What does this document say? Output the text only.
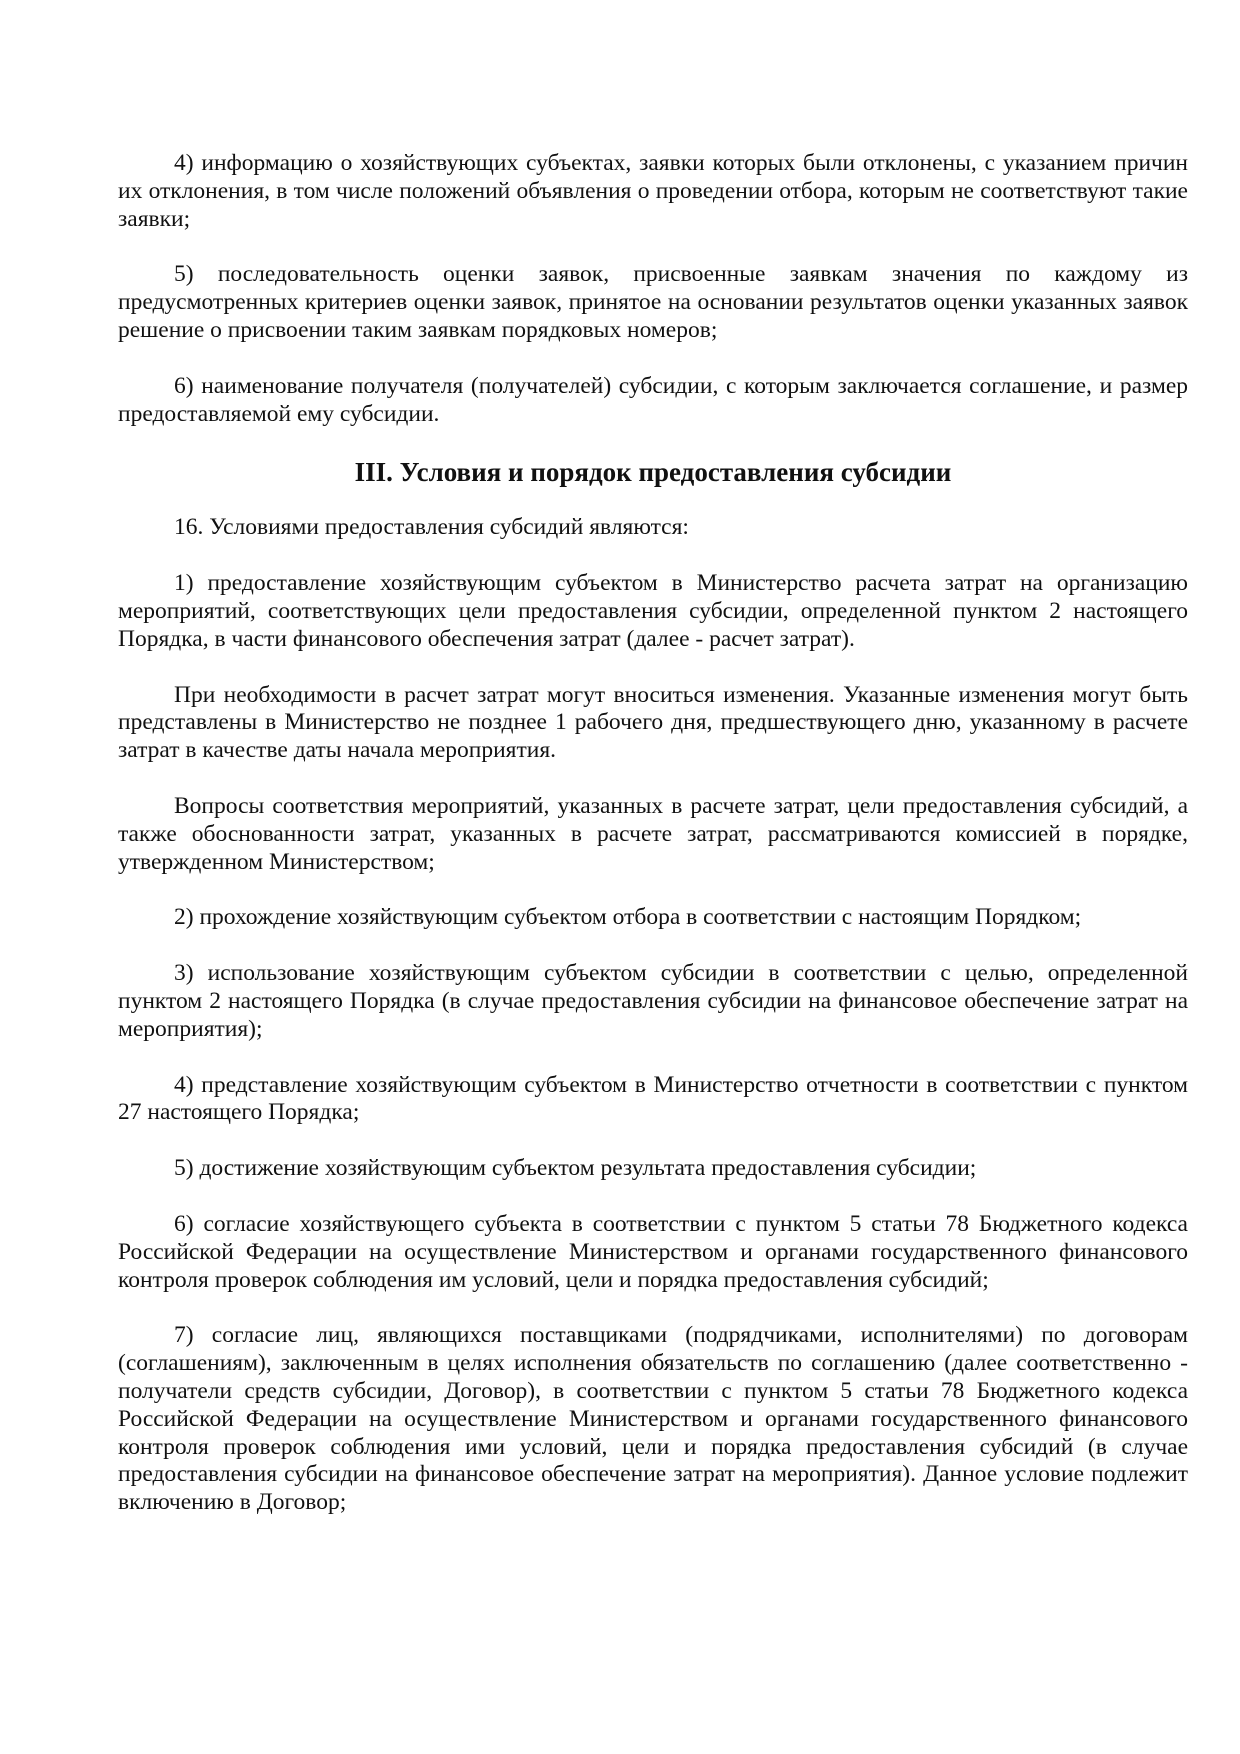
4) информацию о хозяйствующих субъектах, заявки которых были отклонены, с указанием причин их отклонения, в том числе положений объявления о проведении отбора, которым не соответствуют такие заявки;

5) последовательность оценки заявок, присвоенные заявкам значения по каждому из предусмотренных критериев оценки заявок, принятое на основании результатов оценки указанных заявок решение о присвоении таким заявкам порядковых номеров;

6) наименование получателя (получателей) субсидии, с которым заключается соглашение, и размер предоставляемой ему субсидии.

III. Условия и порядок предоставления субсидии

16. Условиями предоставления субсидий являются:

1) предоставление хозяйствующим субъектом в Министерство расчета затрат на организацию мероприятий, соответствующих цели предоставления субсидии, определенной пунктом 2 настоящего Порядка, в части финансового обеспечения затрат (далее - расчет затрат).

При необходимости в расчет затрат могут вноситься изменения. Указанные изменения могут быть представлены в Министерство не позднее 1 рабочего дня, предшествующего дню, указанному в расчете затрат в качестве даты начала мероприятия.

Вопросы соответствия мероприятий, указанных в расчете затрат, цели предоставления субсидий, а также обоснованности затрат, указанных в расчете затрат, рассматриваются комиссией в порядке, утвержденном Министерством;

2) прохождение хозяйствующим субъектом отбора в соответствии с настоящим Порядком;

3) использование хозяйствующим субъектом субсидии в соответствии с целью, определенной пунктом 2 настоящего Порядка (в случае предоставления субсидии на финансовое обеспечение затрат на мероприятия);

4) представление хозяйствующим субъектом в Министерство отчетности в соответствии с пунктом 27 настоящего Порядка;

5) достижение хозяйствующим субъектом результата предоставления субсидии;

6) согласие хозяйствующего субъекта в соответствии с пунктом 5 статьи 78 Бюджетного кодекса Российской Федерации на осуществление Министерством и органами государственного финансового контроля проверок соблюдения им условий, цели и порядка предоставления субсидий;

7) согласие лиц, являющихся поставщиками (подрядчиками, исполнителями) по договорам (соглашениям), заключенным в целях исполнения обязательств по соглашению (далее соответственно - получатели средств субсидии, Договор), в соответствии с пунктом 5 статьи 78 Бюджетного кодекса Российской Федерации на осуществление Министерством и органами государственного финансового контроля проверок соблюдения ими условий, цели и порядка предоставления субсидий (в случае предоставления субсидии на финансовое обеспечение затрат на мероприятия). Данное условие подлежит включению в Договор;
